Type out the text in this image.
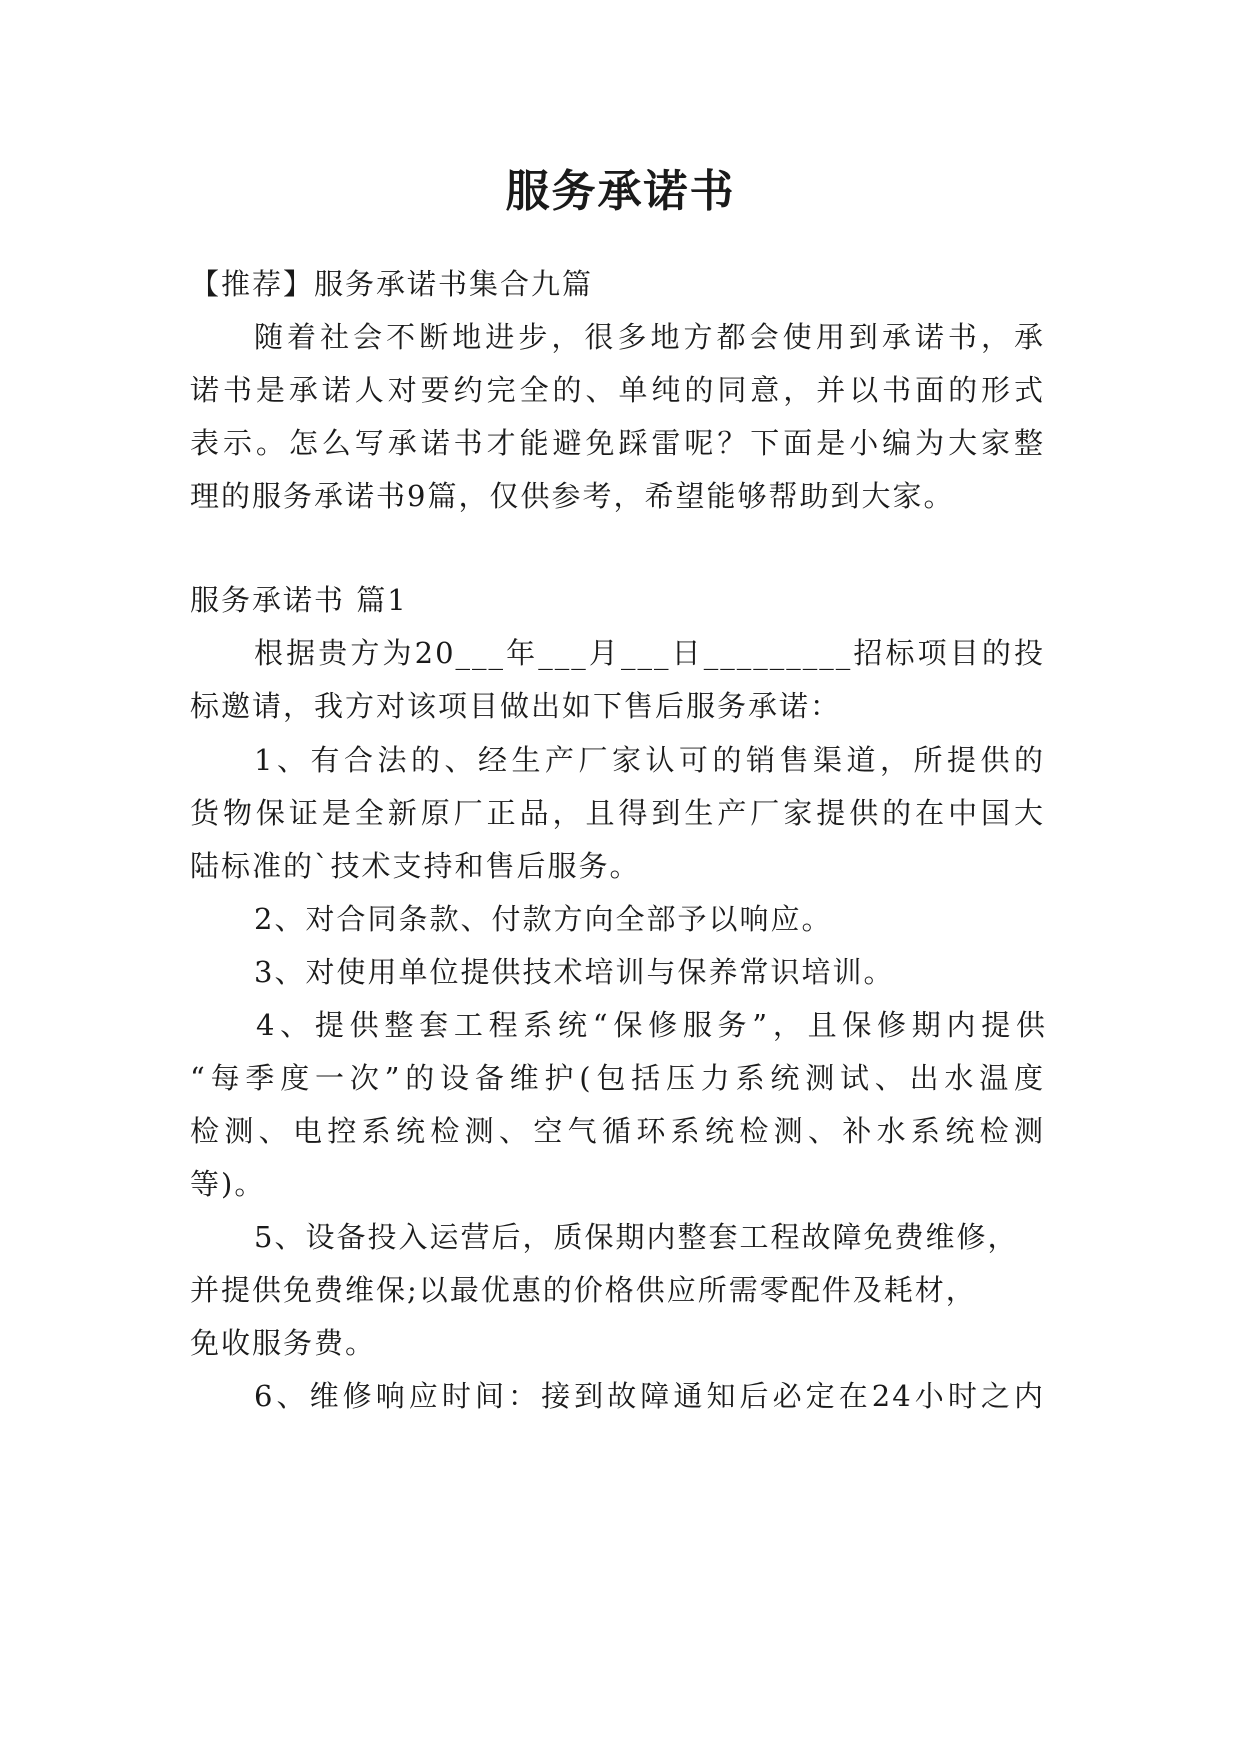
服务承诺书
【推荐】服务承诺书集合九篇
随着社会不断地进步，很多地方都会使用到承诺书，承
诺书是承诺人对要约完全的、单纯的同意，并以书面的形式
表示。怎么写承诺书才能避免踩雷呢？下面是小编为大家整
理的服务承诺书9篇，仅供参考，希望能够帮助到大家。
服务承诺书 篇1
根据贵方为20___年___月___日_________招标项目的投
标邀请，我方对该项目做出如下售后服务承诺：
1、有合法的、经生产厂家认可的销售渠道，所提供的
货物保证是全新原厂正品，且得到生产厂家提供的在中国大
陆标准的`技术支持和售后服务。
2、对合同条款、付款方向全部予以响应。
3、对使用单位提供技术培训与保养常识培训。
4、提供整套工程系统“保修服务”，且保修期内提供
“每季度一次”的设备维护(包括压力系统测试、出水温度
检测、电控系统检测、空气循环系统检测、补水系统检测
等)。
5、设备投入运营后，质保期内整套工程故障免费维修，
并提供免费维保;以最优惠的价格供应所需零配件及耗材，
免收服务费。
6、维修响应时间：接到故障通知后必定在24小时之内
